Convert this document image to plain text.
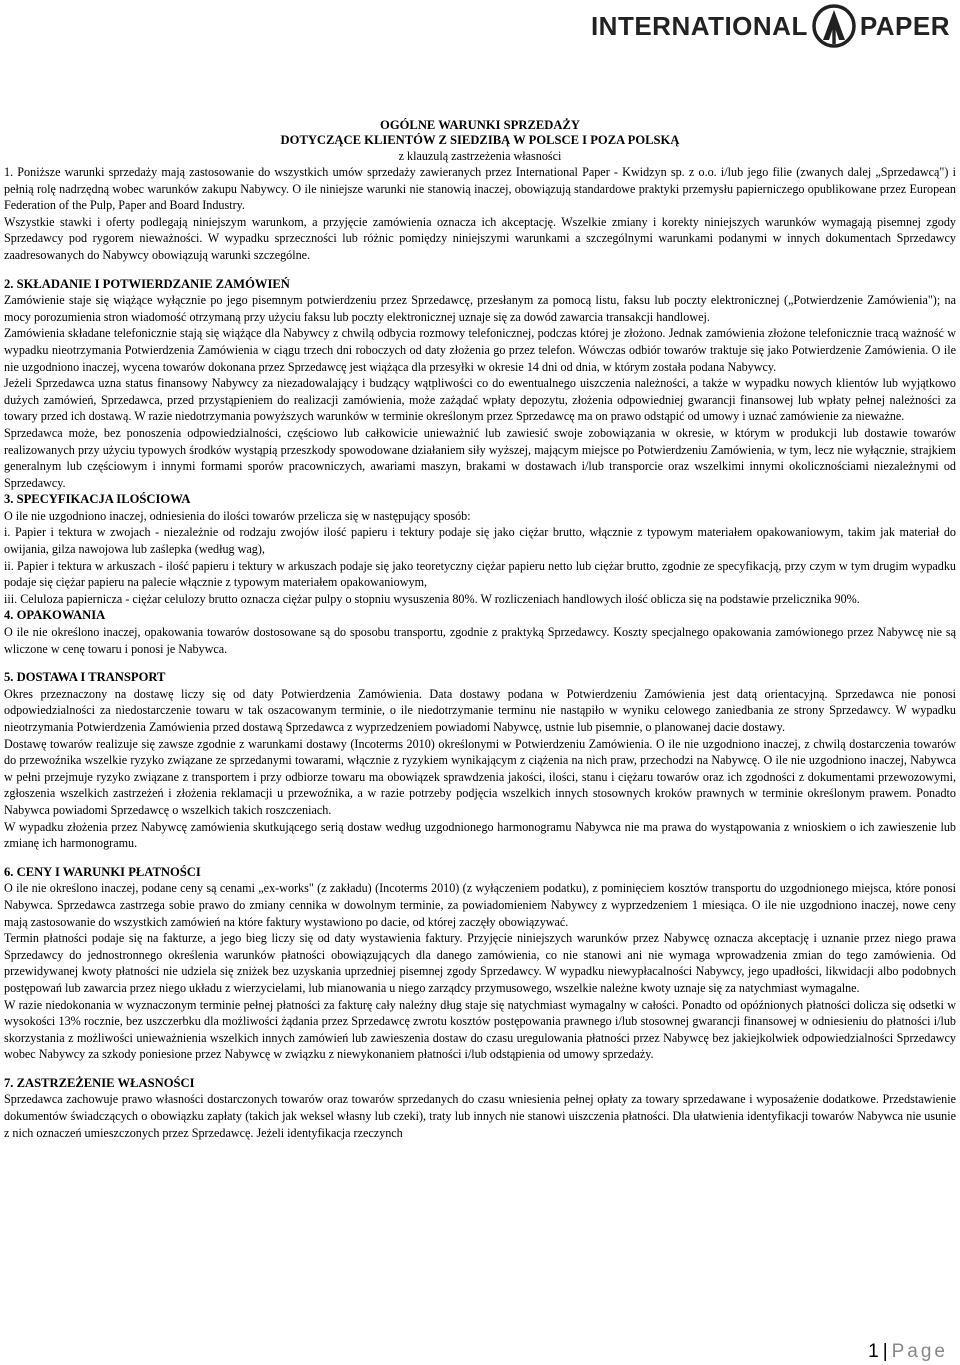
INTERNATIONAL PAPER
OGÓLNE WARUNKI SPRZEDAŻY
DOTYCZĄCE KLIENTÓW Z SIEDZIBĄ W POLSCE I POZA POLSKĄ
z klauzulą zastrzeżenia własności

1. Poniższe warunki sprzedaży mają zastosowanie do wszystkich umów sprzedaży zawieranych przez International Paper - Kwidzyn sp. z o.o. i/lub jego filie (zwanych dalej „Sprzedawcą") i pełnią rolę nadrzędną wobec warunków zakupu Nabywcy. O ile niniejsze warunki nie stanowią inaczej, obowiązują standardowe praktyki przemysłu papierniczego opublikowane przez European Federation of the Pulp, Paper and Board Industry.

Wszystkie stawki i oferty podlegają niniejszym warunkom, a przyjęcie zamówienia oznacza ich akceptację. Wszelkie zmiany i korekty niniejszych warunków wymagają pisemnej zgody Sprzedawcy pod rygorem nieważności. W wypadku sprzeczności lub różnic pomiędzy niniejszymi warunkami a szczególnymi warunkami podanymi w innych dokumentach Sprzedawcy zaadresowanych do Nabywcy obowiązują warunki szczególne.

2. SKŁADANIE I POTWIERDZANIE ZAMÓWIEŃ

Zamówienie staje się wiążące wyłącznie po jego pisemnym potwierdzeniu przez Sprzedawcę, przesłanym za pomocą listu, faksu lub poczty elektronicznej („Potwierdzenie Zamówienia"); na mocy porozumienia stron wiadomość otrzymaną przy użyciu faksu lub poczty elektronicznej uznaje się za dowód zawarcia transakcji handlowej.

Zamówienia składane telefonicznie stają się wiążące dla Nabywcy z chwilą odbycia rozmowy telefonicznej, podczas której je złożono. Jednak zamówienia złożone telefonicznie tracą ważność w wypadku nieotrzymania Potwierdzenia Zamówienia w ciągu trzech dni roboczych od daty złożenia go przez telefon. Wówczas odbiór towarów traktuje się jako Potwierdzenie Zamówienia. O ile nie uzgodniono inaczej, wycena towarów dokonana przez Sprzedawcę jest wiążąca dla przesyłki w okresie 14 dni od dnia, w którym została podana Nabywcy.

Jeżeli Sprzedawca uzna status finansowy Nabywcy za niezadowalający i budzący wątpliwości co do ewentualnego uiszczenia należności, a także w wypadku nowych klientów lub wyjątkowo dużych zamówień, Sprzedawca, przed przystąpieniem do realizacji zamówienia, może zażądać wpłaty depozytu, złożenia odpowiedniej gwarancji finansowej lub wpłaty pełnej należności za towary przed ich dostawą. W razie niedotrzymania powyższych warunków w terminie określonym przez Sprzedawcę ma on prawo odstąpić od umowy i uznać zamówienie za nieważne.

Sprzedawca może, bez ponoszenia odpowiedzialności, częściowo lub całkowicie unieważnić lub zawiesić swoje zobowiązania w okresie, w którym w produkcji lub dostawie towarów realizowanych przy użyciu typowych środków wystąpią przeszkody spowodowane działaniem siły wyższej, mającym miejsce po Potwierdzeniu Zamówienia, w tym, lecz nie wyłącznie, strajkiem generalnym lub częściowym i innymi formami sporów pracowniczych, awariami maszyn, brakami w dostawach i/lub transporcie oraz wszelkimi innymi okolicznościami niezależnymi od Sprzedawcy.

3. SPECYFIKACJA ILOŚCIOWA

O ile nie uzgodniono inaczej, odniesienia do ilości towarów przelicza się w następujący sposób:

i. Papier i tektura w zwojach - niezależnie od rodzaju zwojów ilość papieru i tektury podaje się jako ciężar brutto, włącznie z typowym materiałem opakowaniowym, takim jak materiał do owijania, gilza nawojowa lub zaślepka (według wag),

ii. Papier i tektura w arkuszach - ilość papieru i tektury w arkuszach podaje się jako teoretyczny ciężar papieru netto lub ciężar brutto, zgodnie ze specyfikacją, przy czym w tym drugim wypadku podaje się ciężar papieru na palecie włącznie z typowym materiałem opakowaniowym,

iii. Celuloza papiernicza - ciężar celulozy brutto oznacza ciężar pulpy o stopniu wysuszenia 80%. W rozliczeniach handlowych ilość oblicza się na podstawie przelicznika 90%.

4. OPAKOWANIA

O ile nie określono inaczej, opakowania towarów dostosowane są do sposobu transportu, zgodnie z praktyką Sprzedawcy. Koszty specjalnego opakowania zamówionego przez Nabywcę nie są wliczone w cenę towaru i ponosi je Nabywca.

5. DOSTAWA I TRANSPORT

Okres przeznaczony na dostawę liczy się od daty Potwierdzenia Zamówienia. Data dostawy podana w Potwierdzeniu Zamówienia jest datą orientacyjną. Sprzedawca nie ponosi odpowiedzialności za niedostarczenie towaru w tak oszacowanym terminie, o ile niedotrzymanie terminu nie nastąpiło w wyniku celowego zaniedbania ze strony Sprzedawcy. W wypadku nieotrzymania Potwierdzenia Zamówienia przed dostawą Sprzedawca z wyprzedzeniem powiadomi Nabywcę, ustnie lub pisemnie, o planowanej dacie dostawy.

Dostawę towarów realizuje się zawsze zgodnie z warunkami dostawy (Incoterms 2010) określonymi w Potwierdzeniu Zamówienia. O ile nie uzgodniono inaczej, z chwilą dostarczenia towarów do przewoźnika wszelkie ryzyko związane ze sprzedanymi towarami, włącznie z ryzykiem wynikającym z ciążenia na nich praw, przechodzi na Nabywcę. O ile nie uzgodniono inaczej, Nabywca w pełni przejmuje ryzyko związane z transportem i przy odbiorze towaru ma obowiązek sprawdzenia jakości, ilości, stanu i ciężaru towarów oraz ich zgodności z dokumentami przewozowymi, zgłoszenia wszelkich zastrzeżeń i złożenia reklamacji u przewoźnika, a w razie potrzeby podjęcia wszelkich innych stosownych kroków prawnych w terminie określonym prawem. Ponadto Nabywca powiadomi Sprzedawcę o wszelkich takich roszczeniach.

W wypadku złożenia przez Nabywcę zamówienia skutkującego serią dostaw według uzgodnionego harmonogramu Nabywca nie ma prawa do wystąpowania z wnioskiem o ich zawieszenie lub zmianę ich harmonogramu.

6. CENY I WARUNKI PŁATNOŚCI

O ile nie określono inaczej, podane ceny są cenami „ex-works" (z zakładu) (Incoterms 2010) (z wyłączeniem podatku), z pominięciem kosztów transportu do uzgodnionego miejsca, które ponosi Nabywca. Sprzedawca zastrzega sobie prawo do zmiany cennika w dowolnym terminie, za powiadomieniem Nabywcy z wyprzedzeniem 1 miesiąca. O ile nie uzgodniono inaczej, nowe ceny mają zastosowanie do wszystkich zamówień na które faktury wystawiono po dacie, od której zaczęły obowiązywać.

Termin płatności podaje się na fakturze, a jego bieg liczy się od daty wystawienia faktury. Przyjęcie niniejszych warunków przez Nabywcę oznacza akceptację i uznanie przez niego prawa Sprzedawcy do jednostronnego określenia warunków płatności obowiązujących dla danego zamówienia, co nie stanowi ani nie wymaga wprowadzenia zmian do tego zamówienia. Od przewidywanej kwoty płatności nie udziela się zniżek bez uzyskania uprzedniej pisemnej zgody Sprzedawcy. W wypadku niewypłacalności Nabywcy, jego upadłości, likwidacji albo podobnych postępowań lub zawarcia przez niego układu z wierzycielami, lub mianowania u niego zarządcy przymusowego, wszelkie należne kwoty uznaje się za natychmiast wymagalne.

W razie niedokonania w wyznaczonym terminie pełnej płatności za fakturę cały należny dług staje się natychmiast wymagalny w całości. Ponadto od opóźnionych płatności dolicza się odsetki w wysokości 13% rocznie, bez uszczerbku dla możliwości żądania przez Sprzedawcę zwrotu kosztów postępowania prawnego i/lub stosownej gwarancji finansowej w odniesieniu do płatności i/lub skorzystania z możliwości unieważnienia wszelkich innych zamówień lub zawieszenia dostaw do czasu uregulowania płatności przez Nabywcę bez jakiejkolwiek odpowiedzialności Sprzedawcy wobec Nabywcy za szkody poniesione przez Nabywcę w związku z niewykonaniem płatności i/lub odstąpienia od umowy sprzedaży.

7. ZASTRZEŻENIE WŁASNOŚCI

Sprzedawca zachowuje prawo własności dostarczonych towarów oraz towarów sprzedanych do czasu wniesienia pełnej opłaty za towary sprzedawane i wyposażenie dodatkowe. Przedstawienie dokumentów świadczących o obowiązku zapłaty (takich jak weksel własny lub czeki), traty lub innych nie stanowi uiszczenia płatności. Dla ułatwienia identyfikacji towarów Nabywca nie usunie z nich oznaczeń umieszczonych przez Sprzedawcę. Jeżeli identyfikacja rzeczynch

1 | Page
